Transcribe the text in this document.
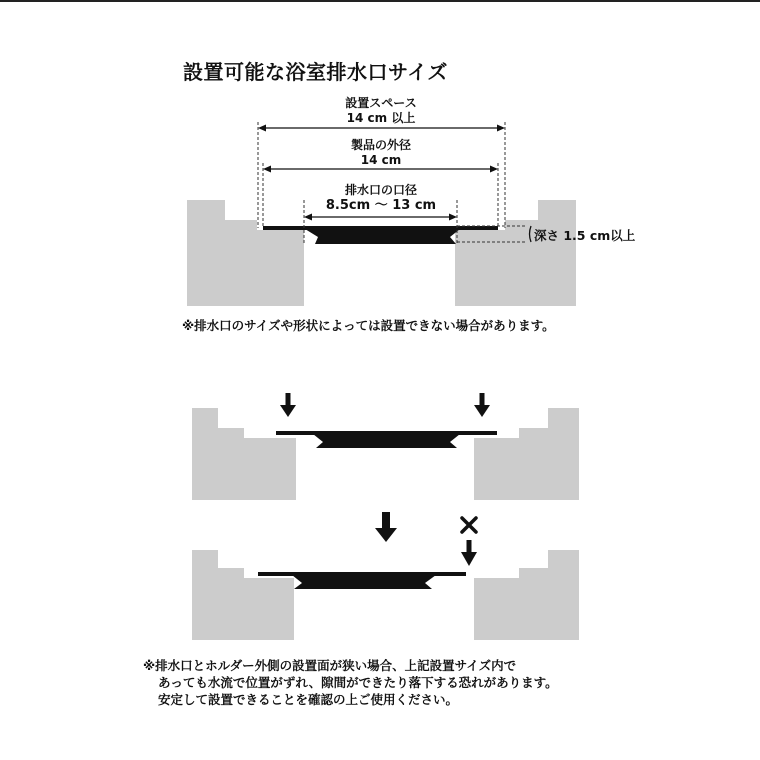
設置可能な浴室排水口サイズ
設置スペース
14 cm 以上
製品の外径
14 cm
排水口の口径
8.5cm 〜 13 cm
深さ 1.5 cm以上
※排水口のサイズや形状によっては設置できない場合があります。
※排水口とホルダー外側の設置面が狭い場合、上記設置サイズ内で
あっても水流で位置がずれ、隙間ができたり落下する恐れがあります。
安定して設置できることを確認の上ご使用ください。
